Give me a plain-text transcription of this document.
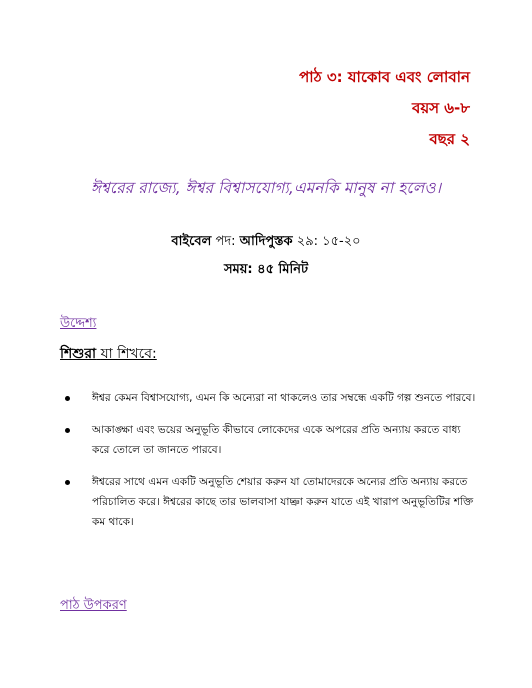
পাঠ ৩: যাকোব এবং লোবান
বয়স ৬-৮
বছর ২
ঈশ্বরের রাজ্যে, ঈশ্বর বিশ্বাসযোগ্য,এমনকি মানুষ না হলেও।
বাইবেল পদ: আদিপুস্তক ২৯: ১৫-২০
সময়: ৪৫ মিনিট
উদ্দেশ্য
শিশুরা যা শিখবে:
ঈশ্বর কেমন বিশ্বাসযোগ্য, এমন কি অন্যেরা না থাকলেও তার সম্বন্ধে একটি গল্প শুনতে পারবে।
আকাঙ্ক্ষা এবং ভয়ের অনুভূতি কীভাবে লোকেদের একে অপরের প্রতি অন্যায় করতে বাধ্য করে তোলে তা জানতে পারবে।
ঈশ্বরের সাথে এমন একটি অনুভূতি শেয়ার করুন যা তোমাদেরকে অন্যের প্রতি অন্যায় করতে পরিচালিত করে। ঈশ্বরের কাছে তার ভালবাসা যাচ্ঞা করুন যাতে এই খারাপ অনুভূতিটির শক্তি কম থাকে।
পাঠ উপকরণ
